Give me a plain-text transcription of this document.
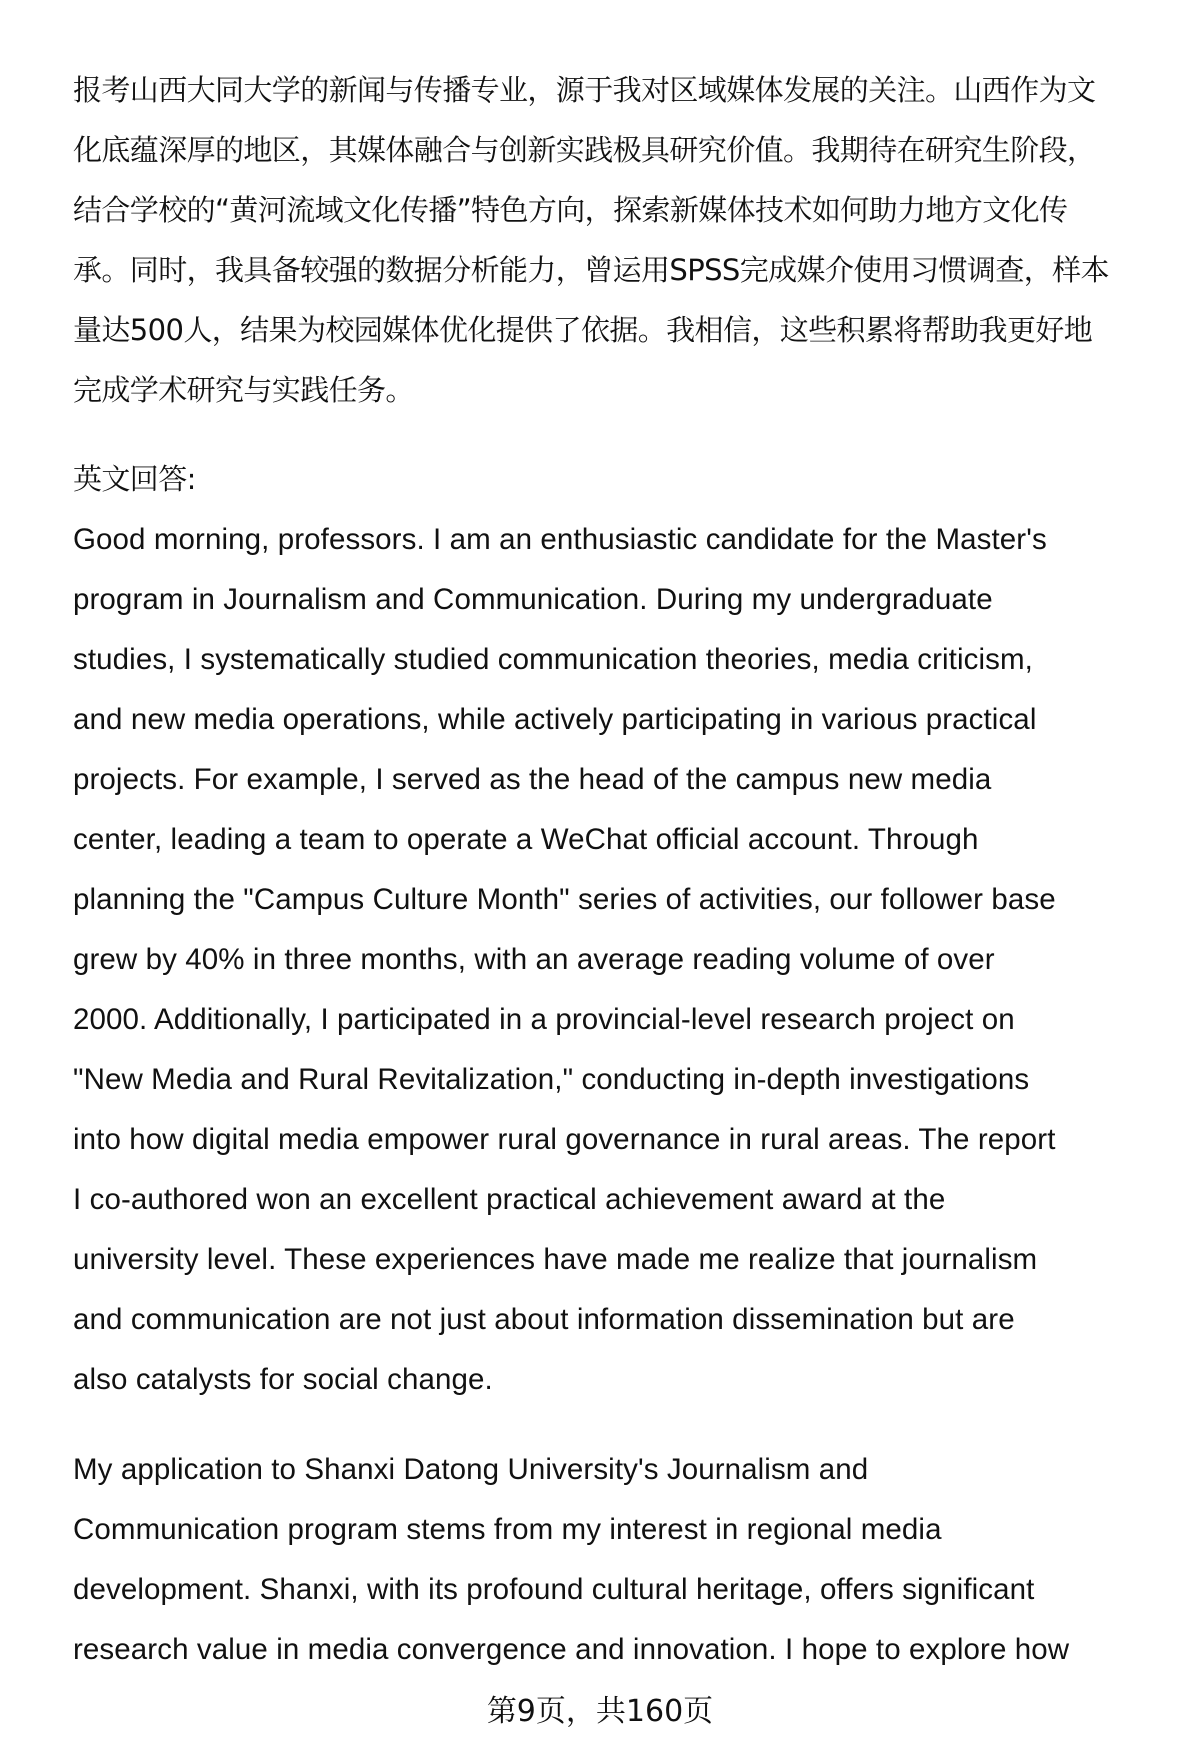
报考山西大同大学的新闻与传播专业，源于我对区域媒体发展的关注。山西作为文
化底蕴深厚的地区，其媒体融合与创新实践极具研究价值。我期待在研究生阶段，
结合学校的“黄河流域文化传播”特色方向，探索新媒体技术如何助力地方文化传
承。同时，我具备较强的数据分析能力，曾运用SPSS完成媒介使用习惯调查，样本
量达500人，结果为校园媒体优化提供了依据。我相信，这些积累将帮助我更好地
完成学术研究与实践任务。
英文回答:
Good morning, professors. I am an enthusiastic candidate for the Master's
program in Journalism and Communication. During my undergraduate
studies, I systematically studied communication theories, media criticism,
and new media operations, while actively participating in various practical
projects. For example, I served as the head of the campus new media
center, leading a team to operate a WeChat official account. Through
planning the "Campus Culture Month" series of activities, our follower base
grew by 40% in three months, with an average reading volume of over
2000. Additionally, I participated in a provincial-level research project on
"New Media and Rural Revitalization," conducting in-depth investigations
into how digital media empower rural governance in rural areas. The report
I co-authored won an excellent practical achievement award at the
university level. These experiences have made me realize that journalism
and communication are not just about information dissemination but are
also catalysts for social change.
My application to Shanxi Datong University's Journalism and
Communication program stems from my interest in regional media
development. Shanxi, with its profound cultural heritage, offers significant
research value in media convergence and innovation. I hope to explore how
第9页，共160页
